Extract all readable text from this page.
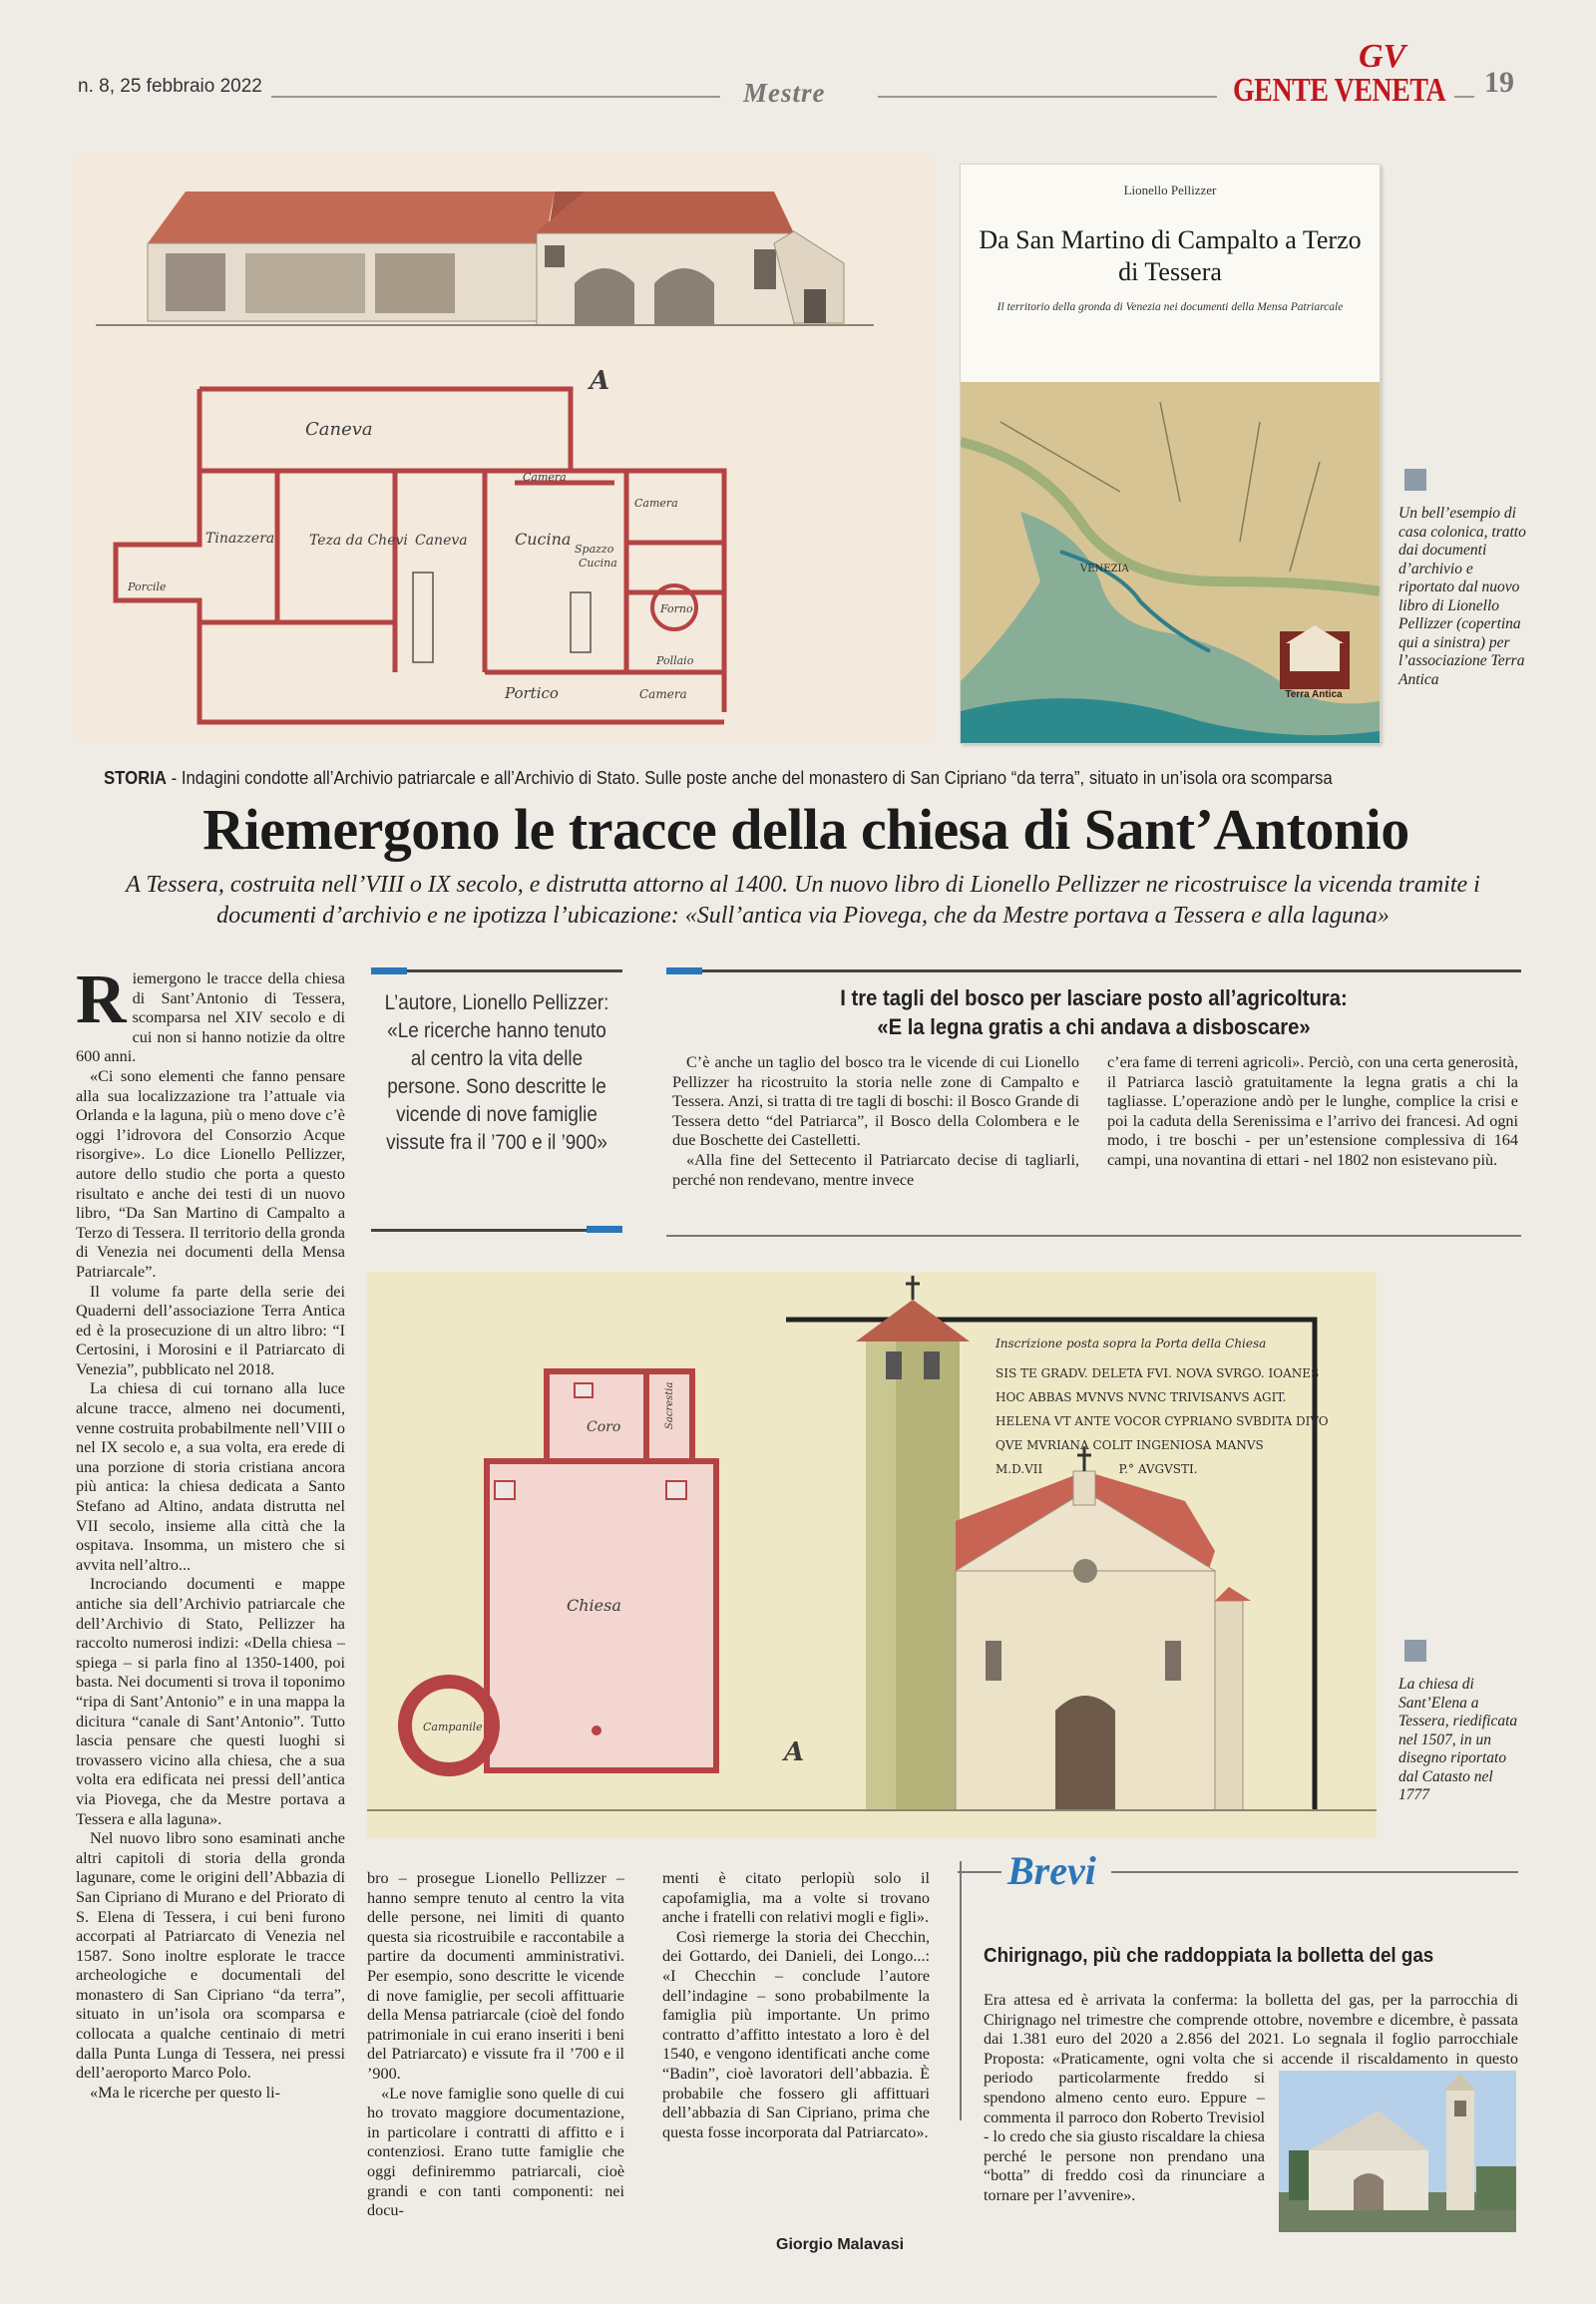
n. 8, 25 febbraio 2022	Mestre
GV
GENTE VENETA 19
A
Caneva
Tinazzera Teza da Chevi Caneva	Cucina
Camera
Camera
Spazzo
Cucina
Forno
Portico	Camera
Porcile
Pollaio
Lionello Pellizzer
Da San Martino di Campalto a Terzo di Tessera
Il territorio della gronda di Venezia nei documenti della Mensa Patriarcale
VENEZIA
Terra Antica
Un bell’esempio di casa colonica, tratto dai documenti d’archivio e riportato dal nuovo libro di Lionello Pellizzer (copertina qui a sinistra) per l’associazione Terra Antica
STORIA - Indagini condotte all’Archivio patriarcale e all’Archivio di Stato. Sulle poste anche del monastero di San Cipriano “da terra”, situato in un’isola ora scomparsa
Riemergono le tracce della chiesa di Sant’Antonio
A Tessera, costruita nell’VIII o IX secolo, e distrutta attorno al 1400. Un nuovo libro di Lionello Pellizzer ne ricostruisce la vicenda tramite i documenti d’archivio e ne ipotizza l’ubicazione: «Sull’antica via Piovega, che da Mestre portava a Tessera e alla laguna»

Riemergono le tracce della chiesa di Sant’Antonio di Tessera, scomparsa nel XIV secolo e di cui non si hanno notizie da oltre 600 anni.

«Ci sono elementi che fanno pensare alla sua localizzazione tra l’attuale via Orlanda e la laguna, più o meno dove c’è oggi l’idrovora del Consorzio Acque risorgive». Lo dice Lionello Pellizzer, autore dello studio che porta a questo risultato e anche dei testi di un nuovo libro, “Da San Martino di Campalto a Terzo di Tessera. Il territorio della gronda di Venezia nei documenti della Mensa Patriarcale”.

Il volume fa parte della serie dei Quaderni dell’associazione Terra Antica ed è la prosecuzione di un altro libro: “I Certosini, i Morosini e il Patriarcato di Venezia”, pubblicato nel 2018.

La chiesa di cui tornano alla luce alcune tracce, almeno nei documenti, venne costruita probabilmente nell’VIII o nel IX secolo e, a sua volta, era erede di una porzione di storia cristiana ancora più antica: la chiesa dedicata a Santo Stefano ad Altino, andata distrutta nel VII secolo, insieme alla città che la ospitava. Insomma, un mistero che si avvita nell’altro...

Incrociando documenti e mappe antiche sia dell’Archivio patriarcale che dell’Archivio di Stato, Pellizzer ha raccolto numerosi indizi: «Della chiesa – spiega – si parla fino al 1350-1400, poi basta. Nei documenti si trova il toponimo “ripa di Sant’Antonio” e in una mappa la dicitura “canale di Sant’Antonio”. Tutto lascia pensare che questi luoghi si trovassero vicino alla chiesa, che a sua volta era edificata nei pressi dell’antica via Piovega, che da Mestre portava a Tessera e alla laguna».

Nel nuovo libro sono esaminati anche altri capitoli di storia della gronda lagunare, come le origini dell’Abbazia di San Cipriano di Murano e del Priorato di S. Elena di Tessera, i cui beni furono accorpati al Patriarcato di Venezia nel 1587. Sono inoltre esplorate le tracce archeologiche e documentali del monastero di San Cipriano “da terra”, situato in un’isola ora scomparsa e collocata a qualche centinaio di metri dalla Punta Lunga di Tessera, nei pressi dell’aeroporto Marco Polo.

«Ma le ricerche per questo li-

L’autore, Lionello Pellizzer: «Le ricerche hanno tenuto al centro la vita delle persone. Sono descritte le vicende di nove famiglie vissute fra il ’700 e il ’900»
I tre tagli del bosco per lasciare posto all’agricoltura:
«E la legna gratis a chi andava a disboscare»

C’è anche un taglio del bosco tra le vicende di cui Lionello Pellizzer ha ricostruito la storia nelle zone di Campalto e Tessera. Anzi, si tratta di tre tagli di boschi: il Bosco Grande di Tessera detto “del Patriarca”, il Bosco della Colombera e le due Boschette dei Castelletti.

«Alla fine del Settecento il Patriarcato decise di tagliarli, perché non rendevano, mentre invece

c’era fame di terreni agricoli». Perciò, con una certa generosità, il Patriarca lasciò gratuitamente la legna gratis a chi la tagliasse. L’operazione andò per le lunghe, complice la crisi e poi la caduta della Serenissima e l’arrivo dei francesi. Ad ogni modo, i tre boschi - per un’estensione complessiva di 164 campi, una novantina di ettari - nel 1802 non esistevano più.

Coro	Sacrestia
Chiesa
Campanile
A
Inscrizione posta sopra la Porta della Chiesa
SIS TE GRADV. DELETA FVI. NOVA SVRGO. IOANES
HOC ABBAS MVNVS NVNC TRIVISANVS AGIT.
HELENA VT ANTE VOCOR CYPRIANO SVBDITA DIVO
QVE MVRIANA COLIT INGENIOSA MANVS
M.D.VII                    P.° AVGVSTI.
La chiesa di Sant’Elena a Tessera, riedificata nel 1507, in un disegno riportato dal Catasto nel 1777

bro – prosegue Lionello Pellizzer – hanno sempre tenuto al centro la vita delle persone, nei limiti di quanto questa sia ricostruibile e raccontabile a partire da documenti amministrativi. Per esempio, sono descritte le vicende di nove famiglie, per secoli affittuarie della Mensa patriarcale (cioè del fondo patrimoniale in cui erano inseriti i beni del Patriarcato) e vissute fra il ’700 e il ’900.

«Le nove famiglie sono quelle di cui ho trovato maggiore documentazione, in particolare i contratti di affitto e i contenziosi. Erano tutte famiglie che oggi definiremmo patriarcali, cioè grandi e con tanti componenti: nei docu-

menti è citato perlopiù solo il capofamiglia, ma a volte si trovano anche i fratelli con relativi mogli e figli».

Così riemerge la storia dei Checchin, dei Gottardo, dei Danieli, dei Longo...: «I Checchin – conclude l’autore dell’indagine – sono probabilmente la famiglia più importante. Un primo contratto d’affitto intestato a loro è del 1540, e vengono identificati anche come “Badin”, cioè lavoratori dell’abbazia. È probabile che fossero gli affittuari dell’abbazia di San Cipriano, prima che questa fosse incorporata dal Patriarcato».

Giorgio Malavasi
Brevi
Chirignago, più che raddoppiata la bolletta del gas

Era attesa ed è arrivata la conferma: la bolletta del gas, per la parrocchia di Chirignago nel trimestre che comprende ottobre, novembre e dicembre, è passata dai 1.381 euro del 2020 a 2.856 del 2021. Lo segnala il foglio parrocchiale Proposta: «Praticamente, ogni volta che si accende il riscaldamento in questo periodo particolarmente freddo si spendono almeno cento euro. Eppure – commenta il parroco don Roberto Trevisiol - lo credo che sia giusto riscaldare la chiesa perché le persone non prendano una “botta” di freddo così da rinunciare a tornare per l’avvenire».
